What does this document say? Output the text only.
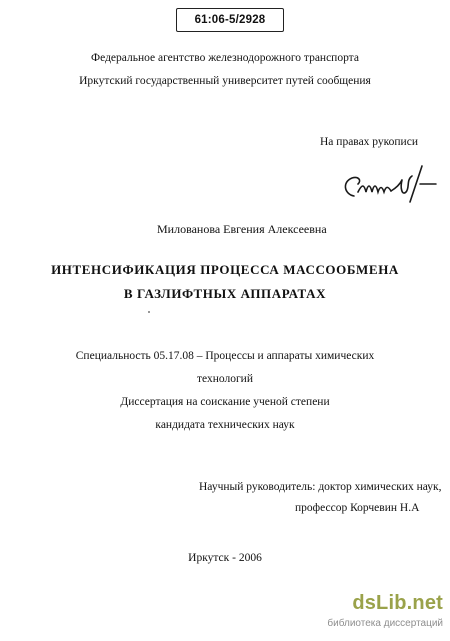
61:06-5/2928
Федеральное агентство железнодорожного транспорта
Иркутский государственный университет путей сообщения
На правах рукописи
Милованова Евгения Алексеевна
ИНТЕНСИФИКАЦИЯ ПРОЦЕССА МАССООБМЕНА
В ГАЗЛИФТНЫХ АППАРАТАХ
Специальность 05.17.08 – Процессы и аппараты химических
технологий
Диссертация на соискание ученой степени
кандидата технических наук
Научный руководитель: доктор химических наук,
профессор Корчевин Н.А
Иркутск - 2006
dsLib.net
библиотека диссертаций
